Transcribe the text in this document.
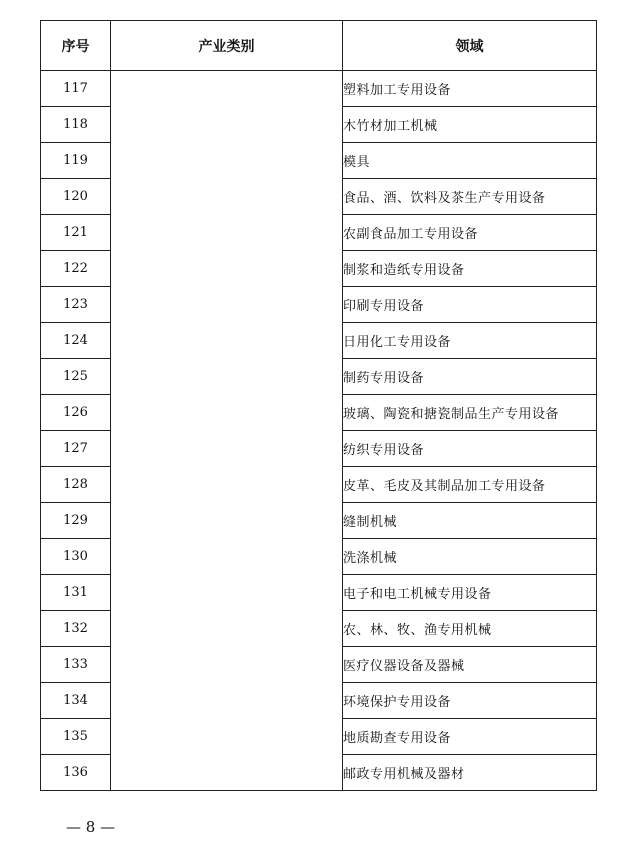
序号	产业类别	领域
117		塑料加工专用设备
118		木竹材加工机械
119		模具
120		食品、酒、饮料及茶生产专用设备
121		农副食品加工专用设备
122		制浆和造纸专用设备
123		印刷专用设备
124		日用化工专用设备
125		制药专用设备
126		玻璃、陶瓷和搪瓷制品生产专用设备
127		纺织专用设备
128		皮革、毛皮及其制品加工专用设备
129		缝制机械
130		洗涤机械
131		电子和电工机械专用设备
132		农、林、牧、渔专用机械
133		医疗仪器设备及器械
134		环境保护专用设备
135		地质勘查专用设备
136		邮政专用机械及器材
— 8 —
